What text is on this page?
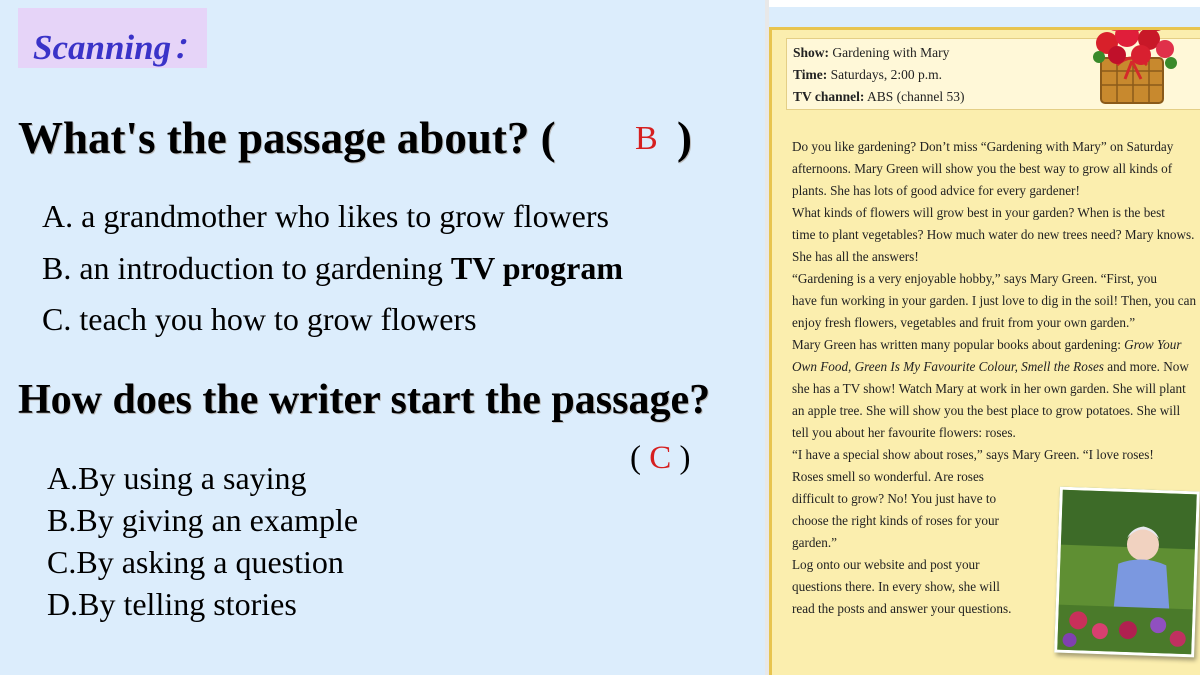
Scanning：
What's the passage about? ( B )
A. a grandmother who likes to grow flowers
B. an introduction to gardening TV program
C. teach you how to grow flowers
How does the writer start the passage?
( C )
A.By using a saying
B.By giving an example
C.By asking a question
D.By telling stories
Show: Gardening with Mary
Time: Saturdays, 2:00 p.m.
TV channel: ABS (channel 53)
Do you like gardening? Don’t miss “Gardening with Mary” on Saturday
afternoons. Mary Green will show you the best way to grow all kinds of
plants. She has lots of good advice for every gardener!
What kinds of flowers will grow best in your garden? When is the best
time to plant vegetables? How much water do new trees need? Mary knows.
She has all the answers!
“Gardening is a very enjoyable hobby,” says Mary Green. “First, you
have fun working in your garden. I just love to dig in the soil! Then, you can
enjoy fresh flowers, vegetables and fruit from your own garden.”
Mary Green has written many popular books about gardening: Grow Your
Own Food, Green Is My Favourite Colour, Smell the Roses and more. Now
she has a TV show! Watch Mary at work in her own garden. She will plant
an apple tree. She will show you the best place to grow potatoes. She will
tell you about her favourite flowers: roses.
“I have a special show about roses,” says Mary Green. “I love roses!
Roses smell so wonderful. Are roses
difficult to grow? No! You just have to
choose the right kinds of roses for your
garden.”
Log onto our website and post your
questions there. In every show, she will
read the posts and answer your questions.
